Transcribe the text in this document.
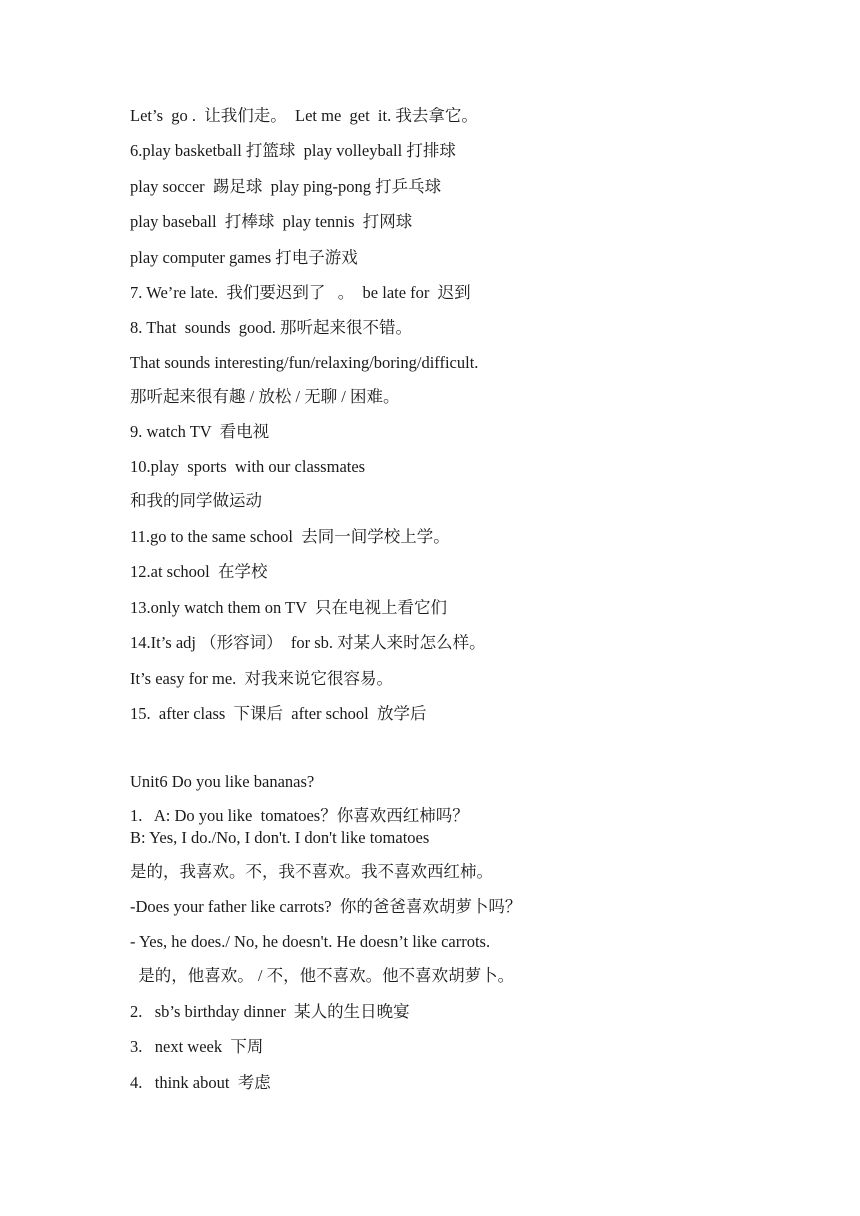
Let’s  go .  让我们走。  Let me  get  it. 我去拿它。
6.play basketball 打篮球  play volleyball 打排球
play soccer  踢足球  play ping-pong 打乒乓球
play baseball  打棒球  play tennis  打网球
play computer games 打电子游戏
7. We’re late.  我们要迟到了   。  be late for  迟到
8. That  sounds  good. 那听起来很不错。
That sounds interesting/fun/relaxing/boring/difficult.
那听起来很有趣 / 放松 / 无聊 / 困难。
9. watch TV  看电视
10.play  sports  with our classmates
和我的同学做运动
11.go to the same school  去同一间学校上学。
12.at school  在学校
13.only watch them on TV  只在电视上看它们
14.It’s adj （形容词）  for sb. 对某人来时怎么样。
It’s easy for me.  对我来说它很容易。
15.  after class  下课后  after school  放学后
Unit6 Do you like bananas?
1.   A: Do you like  tomatoes？你喜欢西红柿吗？
B: Yes, I do./No, I don't. I don't like tomatoes
是的，我喜欢。不，我不喜欢。我不喜欢西红柿。
-Does your father like carrots?  你的爸爸喜欢胡萝卜吗？
- Yes, he does./ No, he doesn't. He doesn’t like carrots.
是的，他喜欢。 / 不，他不喜欢。他不喜欢胡萝卜。
2.   sb’s birthday dinner  某人的生日晚宴
3.   next week  下周
4.   think about  考虑
